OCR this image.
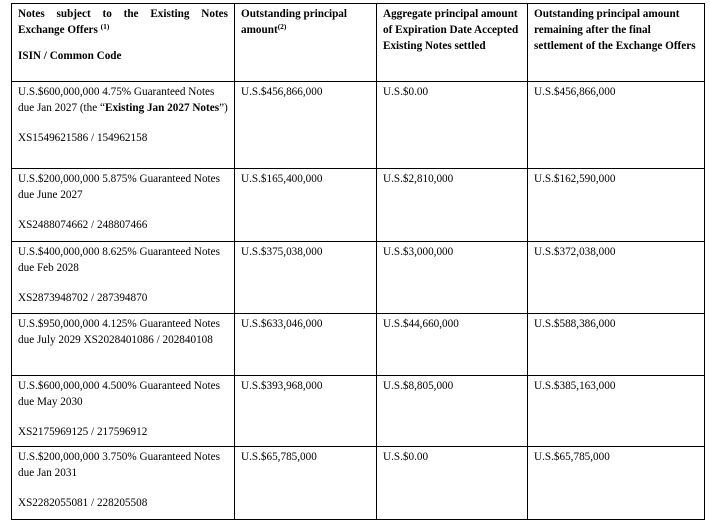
Notes subject to the Existing Notes Exchange Offers $^{(1)}$
ISIN / Common Code	Outstanding principal amount$^{(2)}$	Aggregate principal amount of Expiration Date Accepted Existing Notes settled	Outstanding principal amount remaining after the final settlement of the Exchange Offers
U.S.$600,000,000 4.75% Guaranteed Notes due Jan 2027 (the “Existing Jan 2027 Notes”)
XS1549621586 / 154962158	U.S.$456,866,000	U.S.$0.00	U.S.$456,866,000
U.S.$200,000,000 5.875% Guaranteed Notes due June 2027
XS2488074662 / 248807466	U.S.$165,400,000	U.S.$2,810,000	U.S.$162,590,000
U.S.$400,000,000 8.625% Guaranteed Notes due Feb 2028
XS2873948702 / 287394870	U.S.$375,038,000	U.S.$3,000,000	U.S.$372,038,000
U.S.$950,000,000 4.125% Guaranteed Notes due July 2029 XS2028401086 / 202840108	U.S.$633,046,000	U.S.$44,660,000	U.S.$588,386,000
U.S.$600,000,000 4.500% Guaranteed Notes due May 2030
XS2175969125 / 217596912	U.S.$393,968,000	U.S.$8,805,000	U.S.$385,163,000
U.S.$200,000,000 3.750% Guaranteed Notes due Jan 2031
XS2282055081 / 228205508	U.S.$65,785,000	U.S.$0.00	U.S.$65,785,000
